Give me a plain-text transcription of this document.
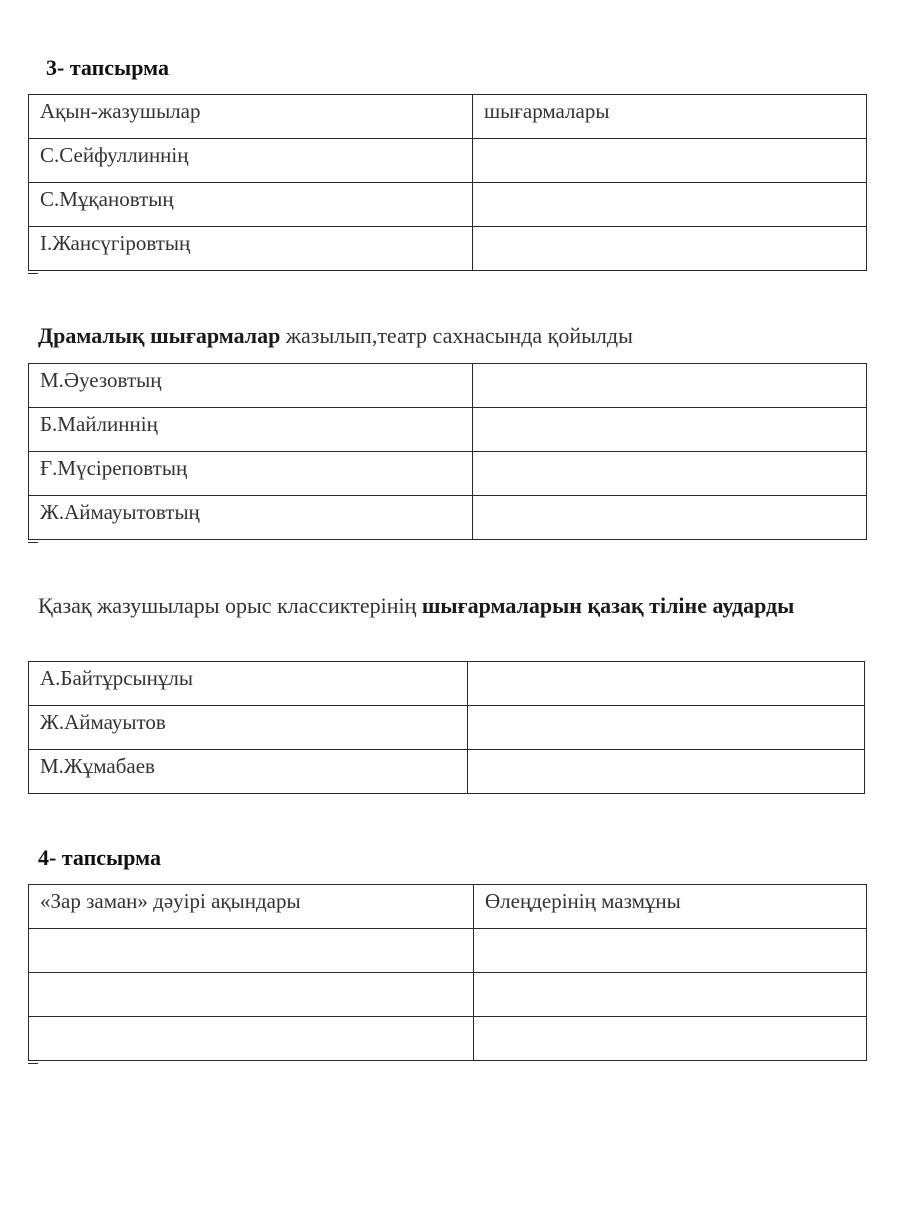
3- тапсырма
Ақын-жазушылар	шығармалары
С.Сейфуллиннің	
С.Мұқановтың	
І.Жансүгіровтың	
Драмалық шығармалар жазылып,театр сахнасында қойылды
М.Әуезовтың	
Б.Майлиннің	
Ғ.Мүсіреповтың	
Ж.Аймауытовтың	
Қазақ жазушылары орыс классиктерінің шығармаларын қазақ тіліне аударды
А.Байтұрсынұлы	
Ж.Аймауытов	
М.Жұмабаев	
4- тапсырма
«Зар заман» дәуірі ақындары	Өлеңдерінің мазмұны
